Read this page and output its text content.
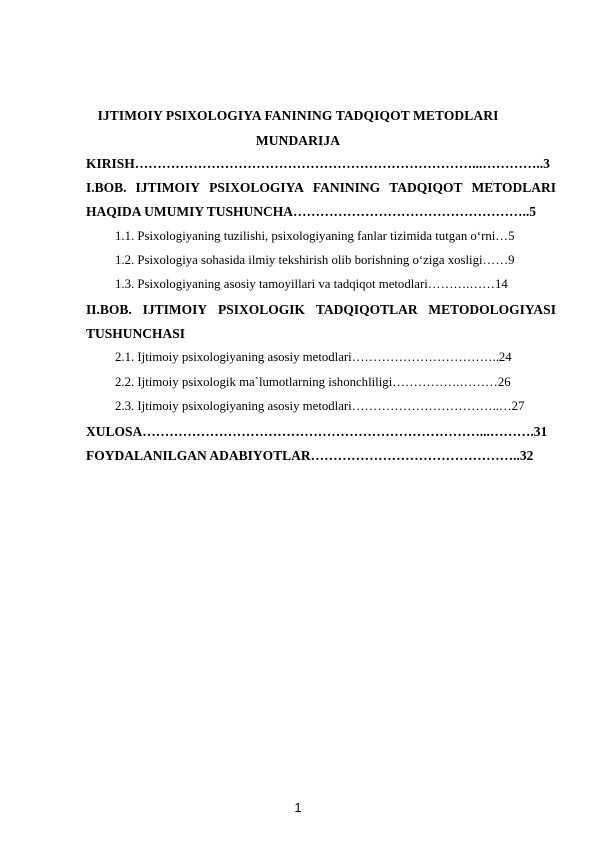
IJTIMOIY PSIXOLOGIYA FANINING TADQIQOT METODLARI
MUNDARIJA
KIRISH…………………………………………………………………...…………..3
I.BOB. IJTIMOIY PSIXOLOGIYA FANINING TADQIQOT METODLARI
HAQIDA UMUMIY TUSHUNCHA……………………………………………..5
1.1. Psixologiyaning tuzilishi, psixologiyaning fanlar tizimida tutgan o‘rni…5
1.2. Psixologiya sohasida ilmiy tekshirish olib borishning o‘ziga xosligi……9
1.3. Psixologiyaning asosiy tamoyillari va tadqiqot metodlari……….……14
II.BOB. IJTIMOIY PSIXOLOGIK TADQIQOTLAR METODOLOGIYASI
TUSHUNCHASI
2.1. Ijtimoiy psixologiyaning asosiy metodlari……………………………..24
2.2. Ijtimoiy psixologik ma`lumotlarning ishonchliligi…………….………26
2.3. Ijtimoiy psixologiyaning asosiy metodlari……………………………..…27
XULOSA…………………………………………………………………...……….31
FOYDALANILGAN ADABIYOTLAR………………………………………..32
1
